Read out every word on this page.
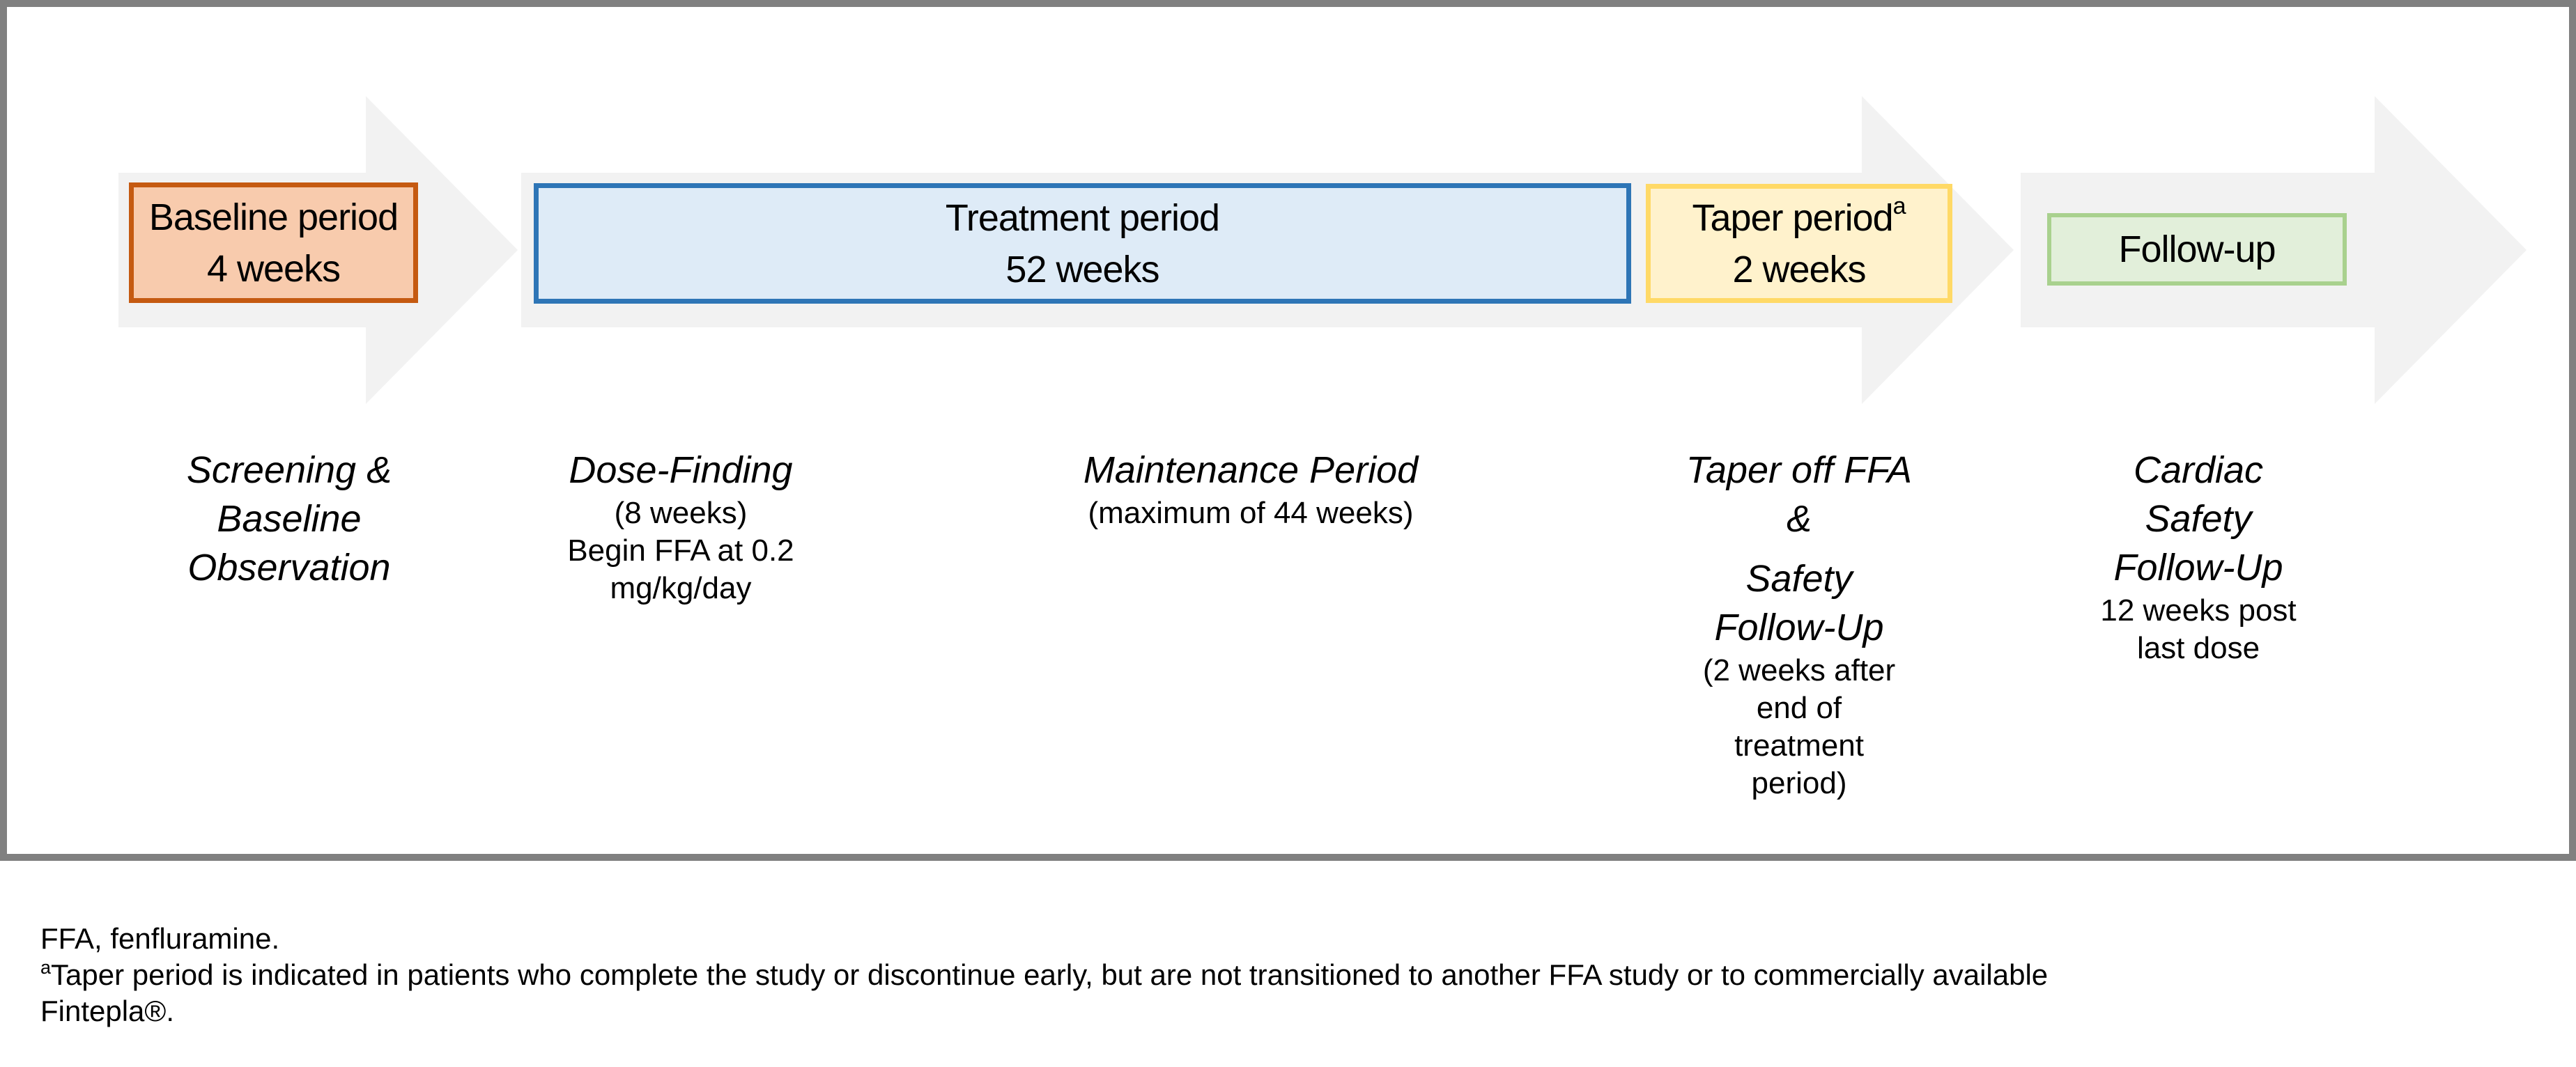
Baseline period
4 weeks
Treatment period
52 weeks
Taper period$^a$
2 weeks	Follow-up
Screening &
Baseline
Observation
Dose-Finding
(8 weeks)
Begin FFA at 0.2
mg/kg/day
Maintenance Period
(maximum of 44 weeks)
Taper off FFA
&
Safety
Follow-Up
(2 weeks after
end of
treatment
period)
Cardiac
Safety
Follow-Up
12 weeks post
last dose
FFA, fenfluramine.
$^a$Taper period is indicated in patients who complete the study or discontinue early, but are not transitioned to another FFA study or to commercially available
Fintepla®.
